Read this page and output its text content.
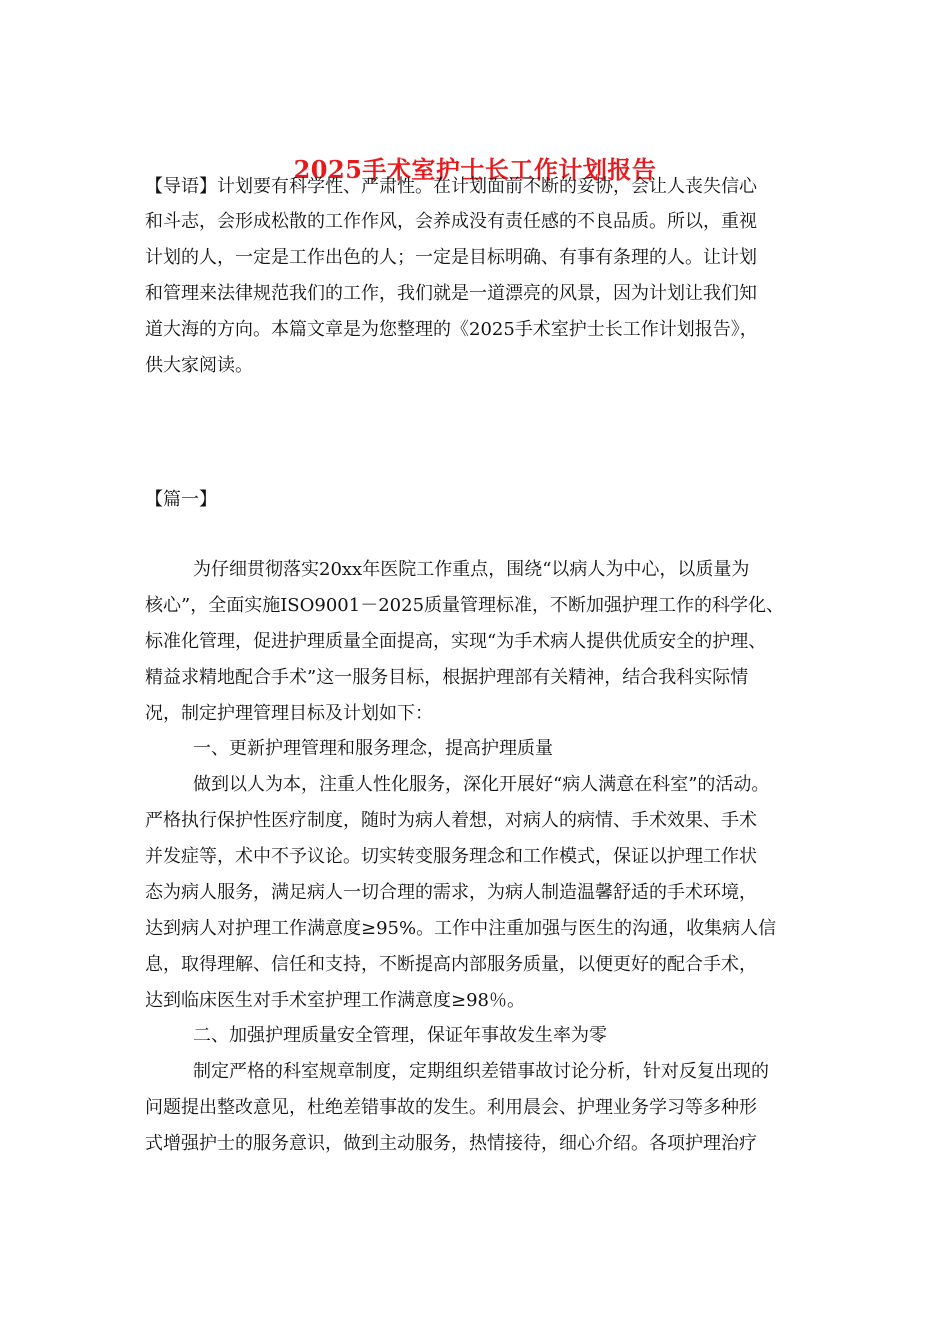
2025手术室护士长工作计划报告
【导语】计划要有科学性、严肃性。在计划面前不断的妥协，会让人丧失信心
和斗志，会形成松散的工作作风，会养成没有责任感的不良品质。所以，重视
计划的人，一定是工作出色的人；一定是目标明确、有事有条理的人。让计划
和管理来法律规范我们的工作，我们就是一道漂亮的风景，因为计划让我们知
道大海的方向。本篇文章是为您整理的《2025手术室护士长工作计划报告》，
供大家阅读。
【篇一】
为仔细贯彻落实20xx年医院工作重点，围绕“以病人为中心，以质量为
核心”，全面实施ISO9001－2025质量管理标准，不断加强护理工作的科学化、
标准化管理，促进护理质量全面提高，实现“为手术病人提供优质安全的护理、
精益求精地配合手术”这一服务目标，根据护理部有关精神，结合我科实际情
况，制定护理管理目标及计划如下：
一、更新护理管理和服务理念，提高护理质量
做到以人为本，注重人性化服务，深化开展好“病人满意在科室”的活动。
严格执行保护性医疗制度，随时为病人着想，对病人的病情、手术效果、手术
并发症等，术中不予议论。切实转变服务理念和工作模式，保证以护理工作状
态为病人服务，满足病人一切合理的需求，为病人制造温馨舒适的手术环境，
达到病人对护理工作满意度≥95%。工作中注重加强与医生的沟通，收集病人信
息，取得理解、信任和支持，不断提高内部服务质量，以便更好的配合手术，
达到临床医生对手术室护理工作满意度≥98％。
二、加强护理质量安全管理，保证年事故发生率为零
制定严格的科室规章制度，定期组织差错事故讨论分析，针对反复出现的
问题提出整改意见，杜绝差错事故的发生。利用晨会、护理业务学习等多种形
式增强护士的服务意识，做到主动服务，热情接待，细心介绍。各项护理治疗
